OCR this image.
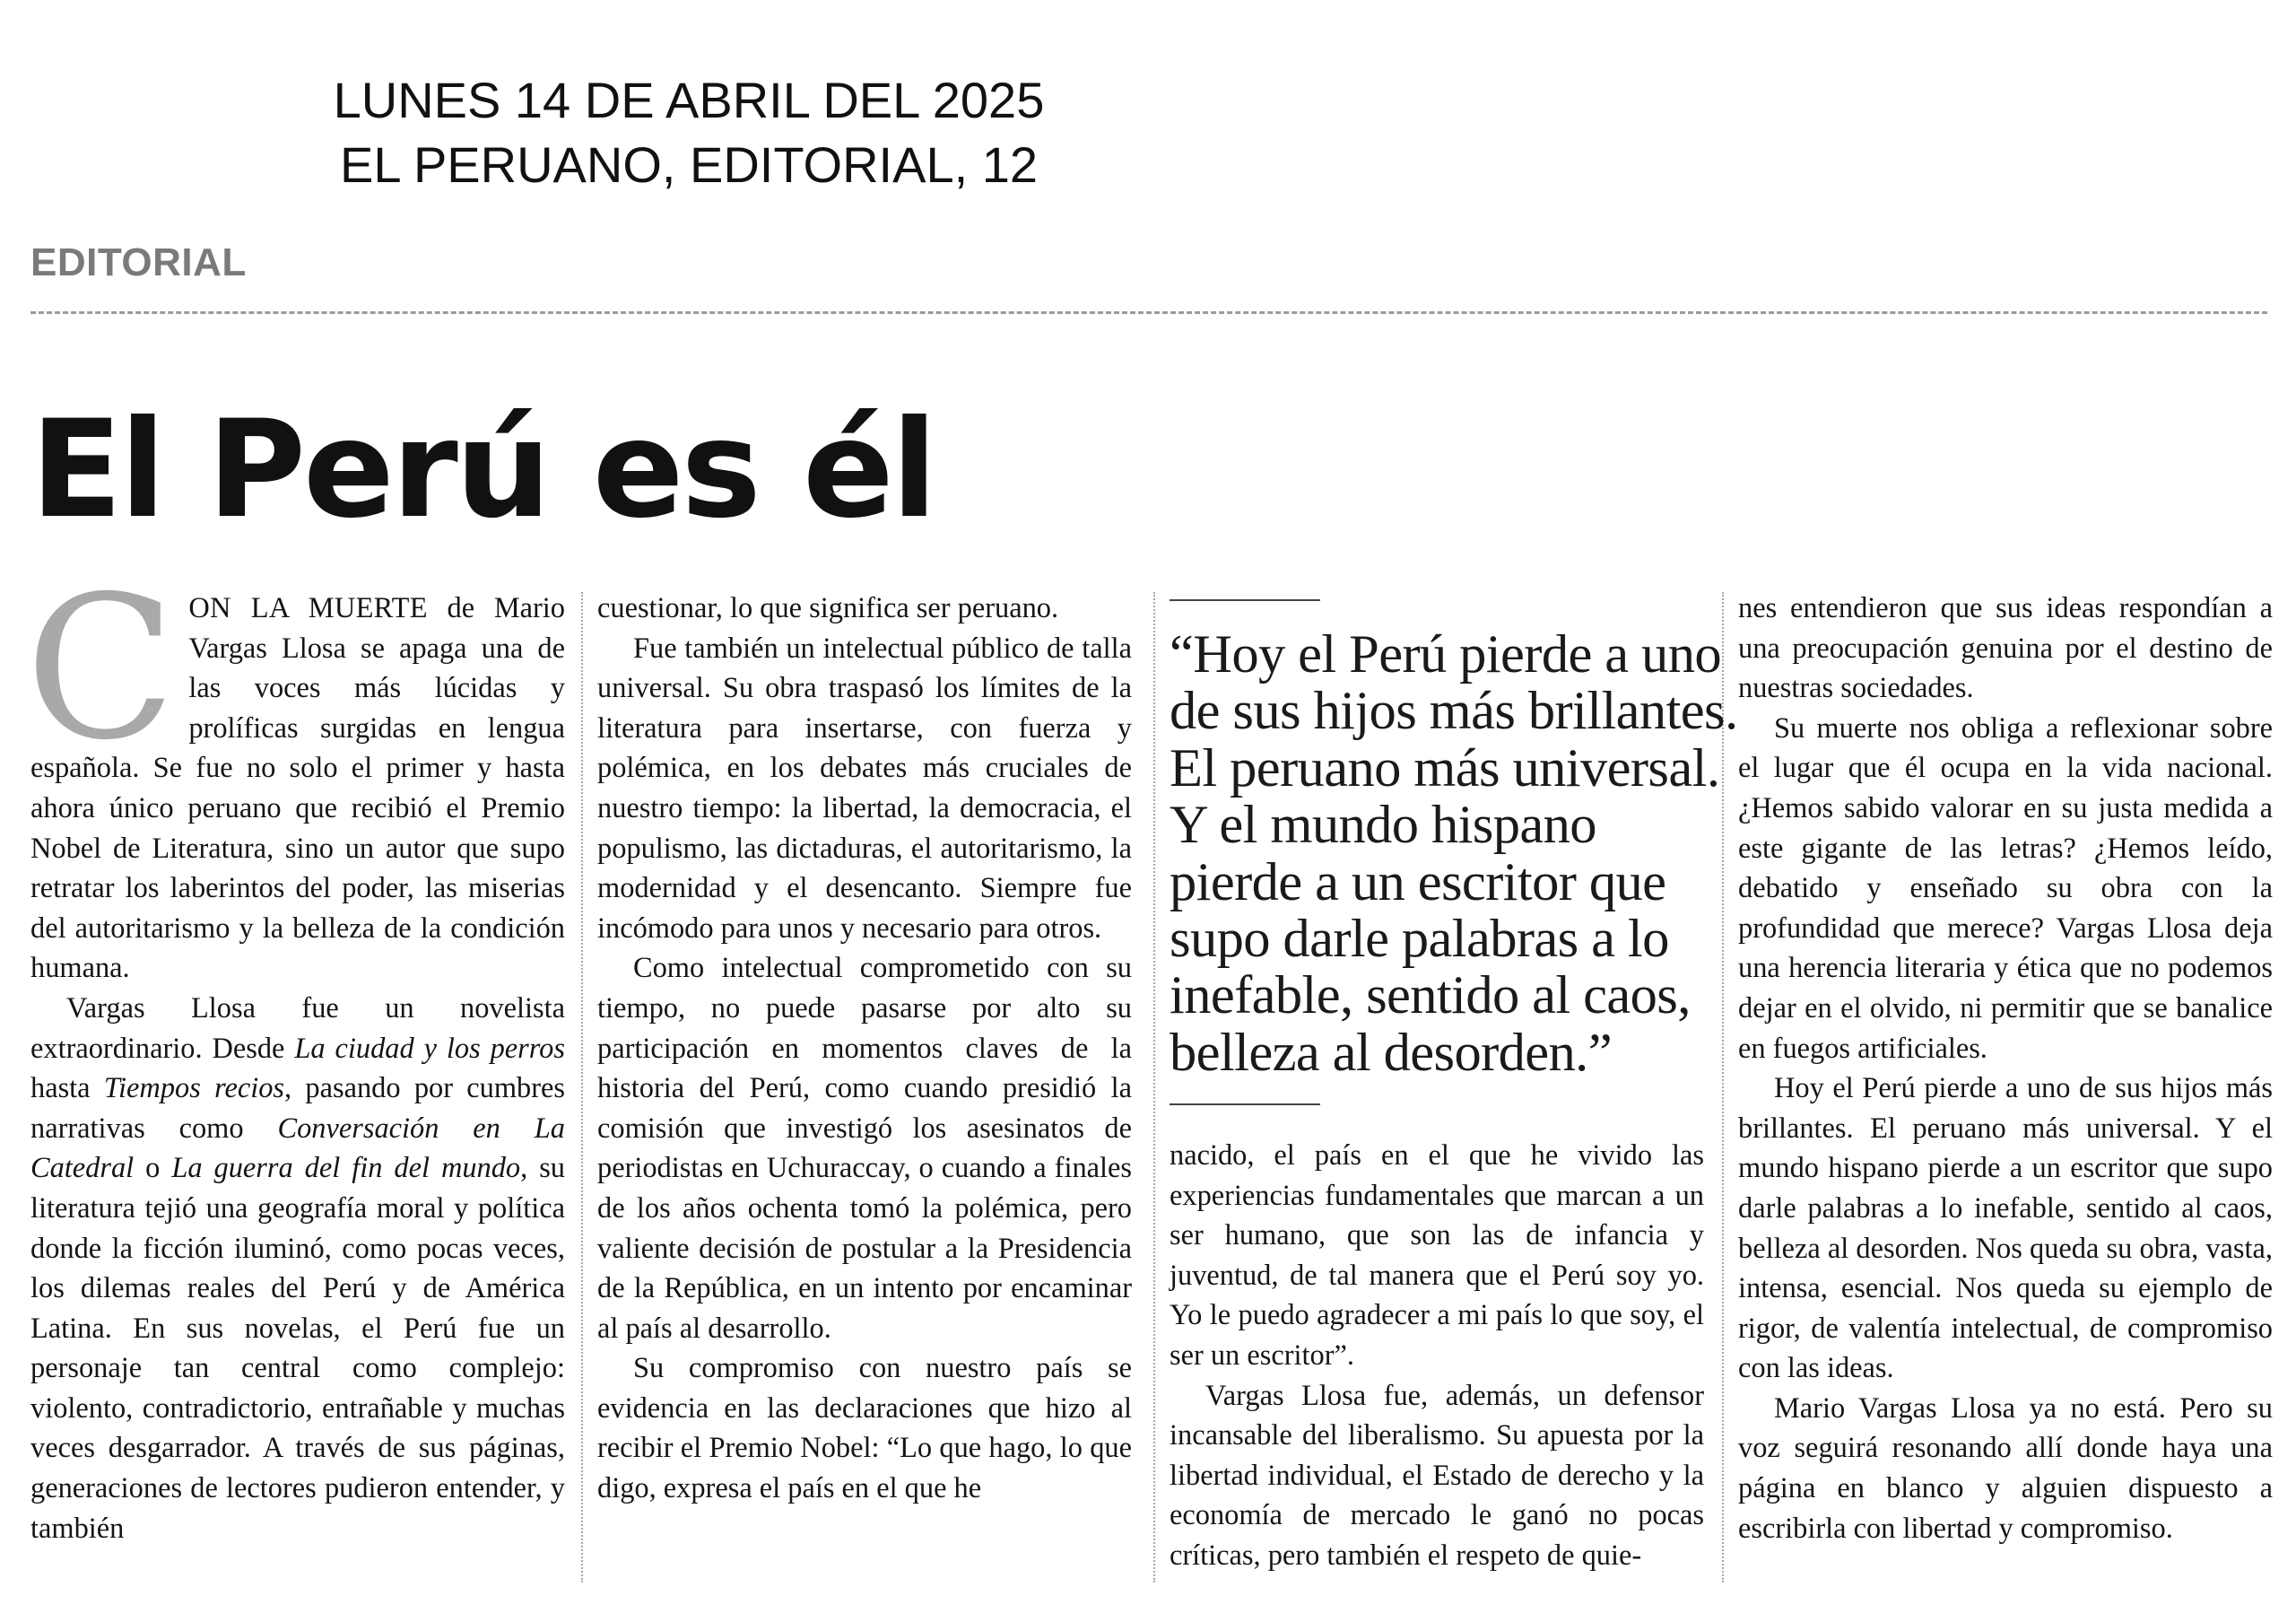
LUNES 14 DE ABRIL DEL 2025
EL PERUANO, EDITORIAL, 12
EDITORIAL
El Perú es él

CON LA MUERTE de Mario Vargas Llosa se apaga una de las voces más lúcidas y prolíficas surgidas en lengua española. Se fue no solo el primer y hasta ahora único peruano que recibió el Premio Nobel de Literatura, sino un autor que supo retratar los laberintos del poder, las miserias del autoritarismo y la belleza de la condición humana.

Vargas Llosa fue un novelista extraordinario. Desde La ciudad y los perros hasta Tiempos recios, pasando por cumbres narrativas como Conversación en La Catedral o La guerra del fin del mundo, su literatura tejió una geografía moral y política donde la ficción iluminó, como pocas veces, los dilemas reales del Perú y de América Latina. En sus novelas, el Perú fue un personaje tan central como complejo: violento, contradictorio, entrañable y muchas veces desgarrador. A través de sus páginas, generaciones de lectores pudieron entender, y también

cuestionar, lo que significa ser peruano.

Fue también un intelectual público de talla universal. Su obra traspasó los límites de la literatura para insertarse, con fuerza y polémica, en los debates más cruciales de nuestro tiempo: la libertad, la democracia, el populismo, las dictaduras, el autoritarismo, la modernidad y el desencanto. Siempre fue incómodo para unos y necesario para otros.

Como intelectual comprometido con su tiempo, no puede pasarse por alto su participación en momentos claves de la historia del Perú, como cuando presidió la comisión que investigó los asesinatos de periodistas en Uchuraccay, o cuando a finales de los años ochenta tomó la polémica, pero valiente decisión de postular a la Presidencia de la República, en un intento por encaminar al país al desarrollo.

Su compromiso con nuestro país se evidencia en las declaraciones que hizo al recibir el Premio Nobel: “Lo que hago, lo que digo, expresa el país en el que he

“Hoy el Perú pierde a uno
de sus hijos más brillantes.
El peruano más universal.
Y el mundo hispano
pierde a un escritor que
supo darle palabras a lo
inefable, sentido al caos,
belleza al desorden.”

nacido, el país en el que he vivido las experiencias fundamentales que marcan a un ser humano, que son las de infancia y juventud, de tal manera que el Perú soy yo. Yo le puedo agradecer a mi país lo que soy, el ser un escritor”.

Vargas Llosa fue, además, un defensor incansable del liberalismo. Su apuesta por la libertad individual, el Estado de derecho y la economía de mercado le ganó no pocas críticas, pero también el respeto de quie-

nes entendieron que sus ideas respondían a una preocupación genuina por el destino de nuestras sociedades.

Su muerte nos obliga a reflexionar sobre el lugar que él ocupa en la vida nacional. ¿Hemos sabido valorar en su justa medida a este gigante de las letras? ¿Hemos leído, debatido y enseñado su obra con la profundidad que merece? Vargas Llosa deja una herencia literaria y ética que no podemos dejar en el olvido, ni permitir que se banalice en fuegos artificiales.

Hoy el Perú pierde a uno de sus hijos más brillantes. El peruano más universal. Y el mundo hispano pierde a un escritor que supo darle palabras a lo inefable, sentido al caos, belleza al desorden. Nos queda su obra, vasta, intensa, esencial. Nos queda su ejemplo de rigor, de valentía intelectual, de compromiso con las ideas.

Mario Vargas Llosa ya no está. Pero su voz seguirá resonando allí donde haya una página en blanco y alguien dispuesto a escribirla con libertad y compromiso.
